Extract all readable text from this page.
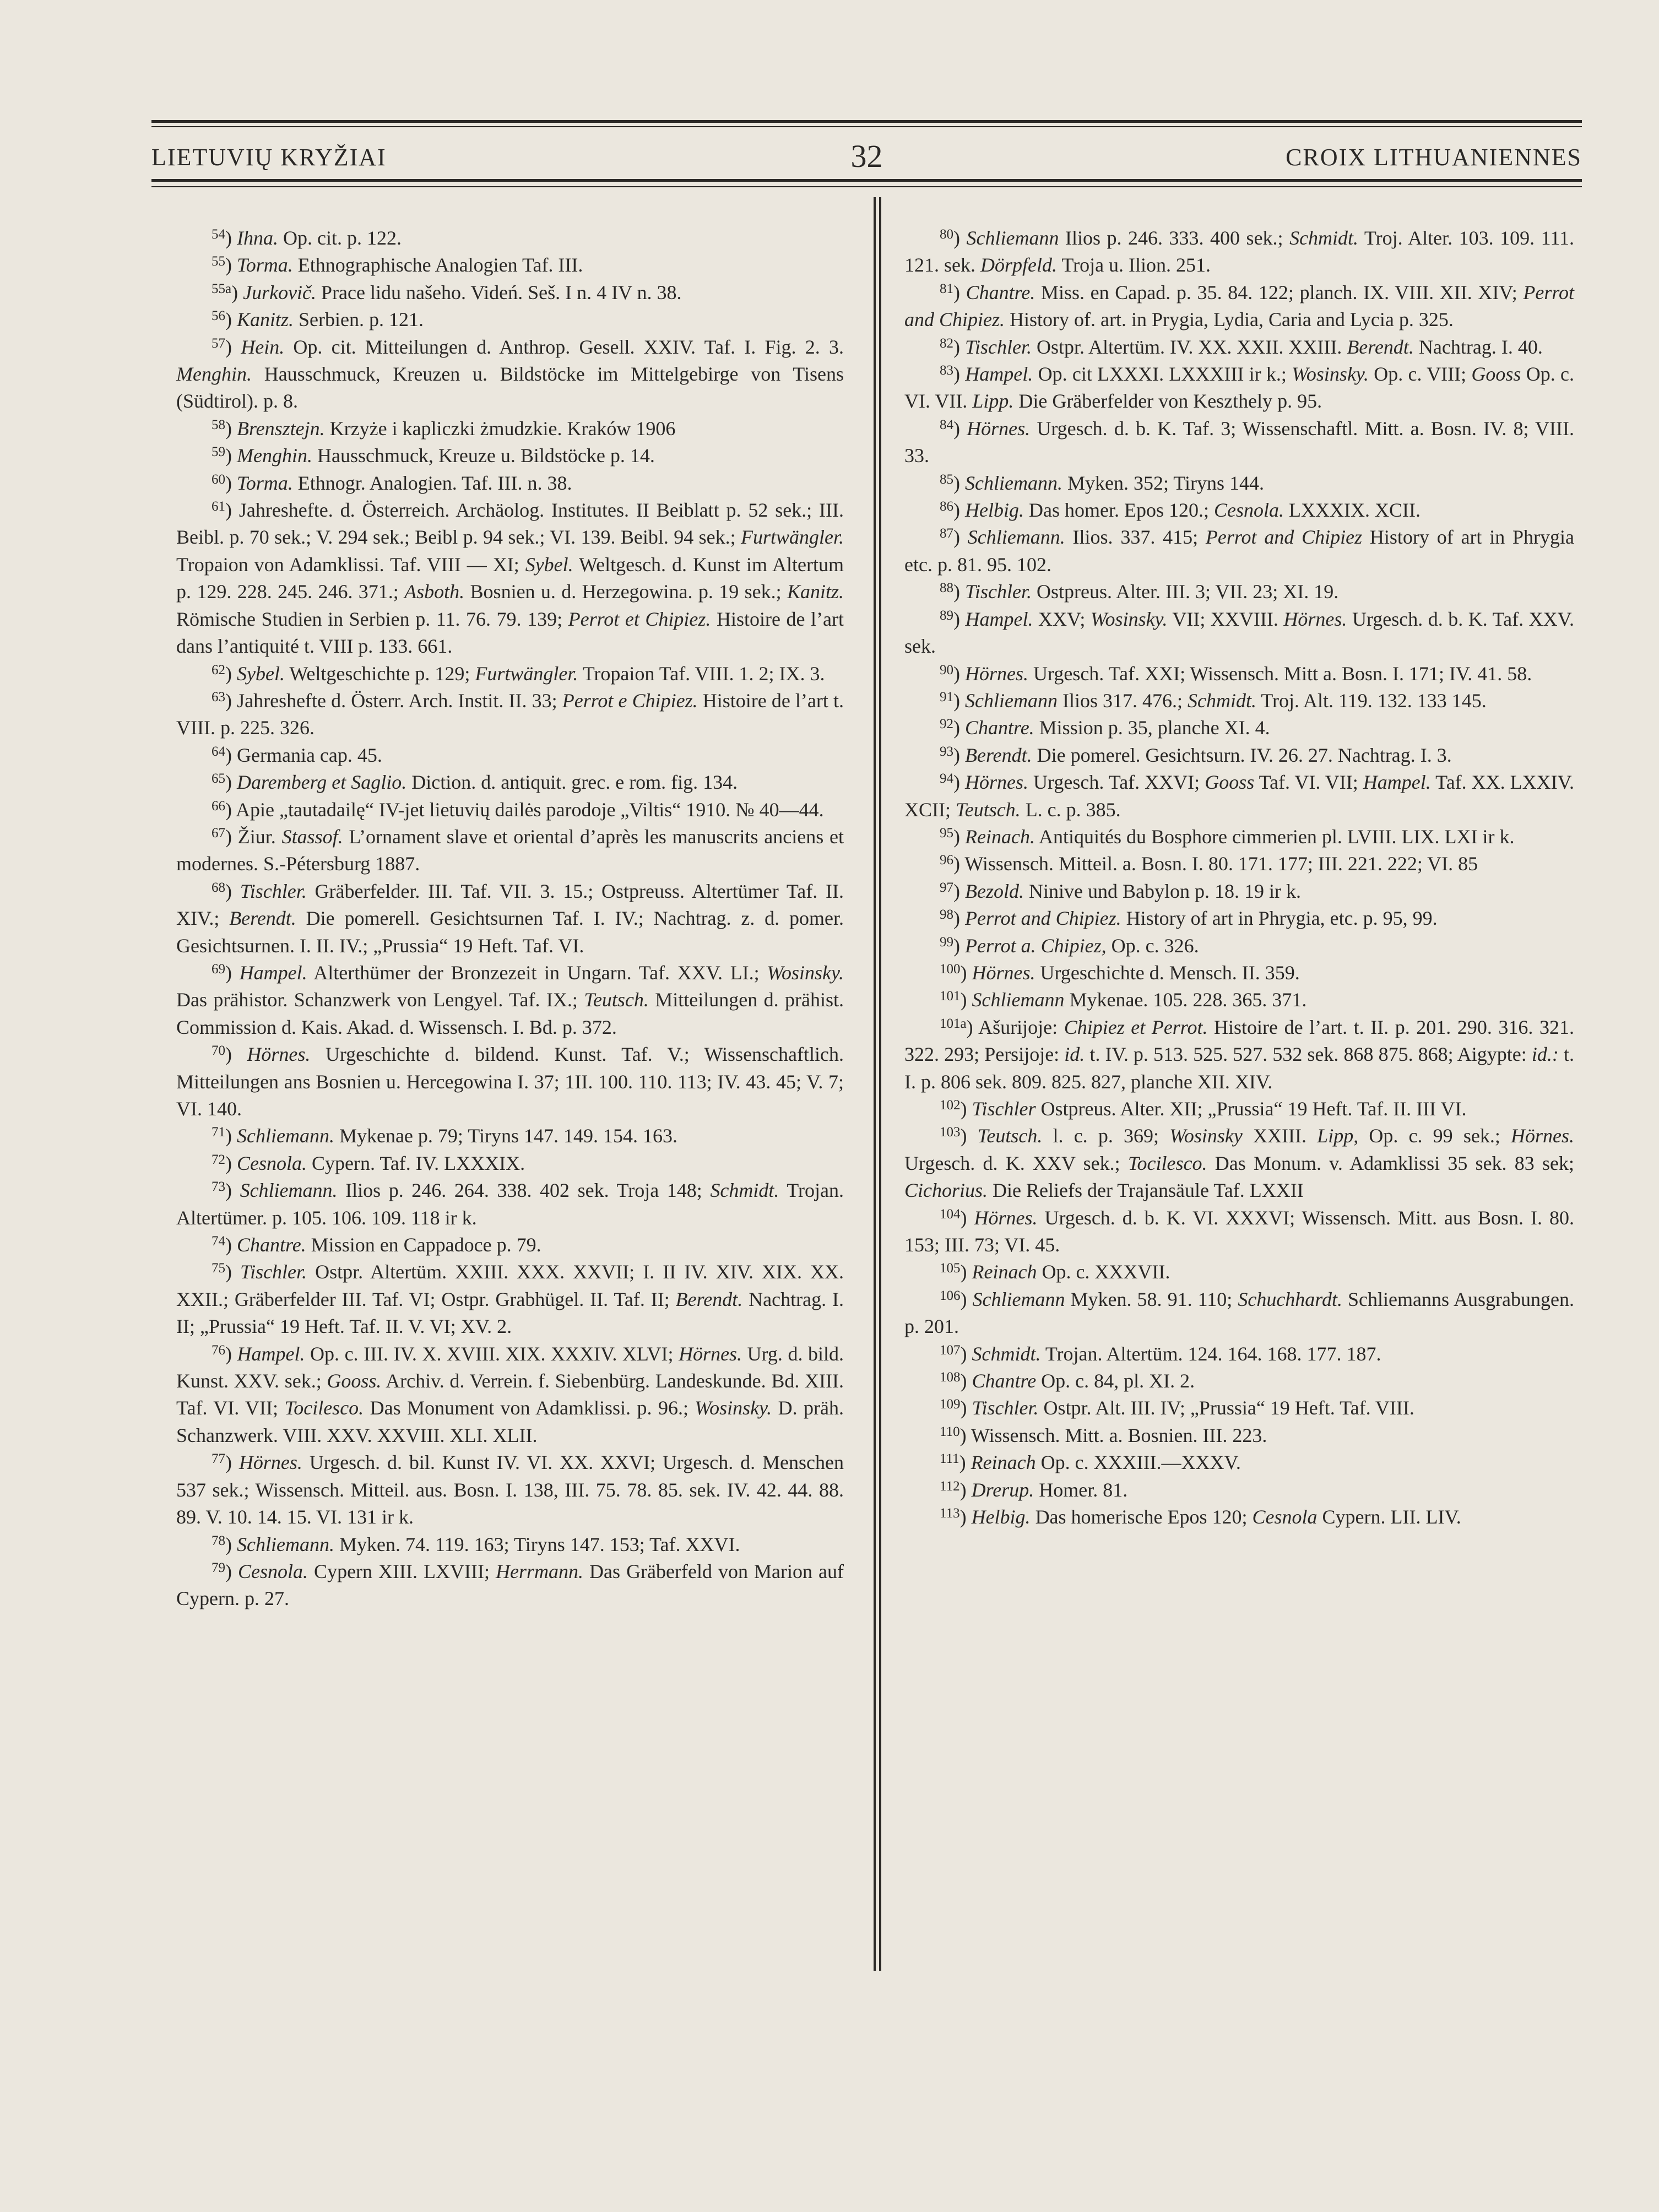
LIETUVIŲ KRYŽIAI	32	CROIX LITHUANIENNES
$^{54}$) Ihna. Op. cit. p. 122.
$^{55}$) Torma. Ethnographische Analogien Taf. III.
$^{55a}$) Jurkovič. Prace lidu našeho. Videń. Seš. I n. 4 IV n. 38.
$^{56}$) Kanitz. Serbien. p. 121.
$^{57}$) Hein. Op. cit. Mitteilungen d. Anthrop. Gesell. XXIV. Taf. I. Fig. 2. 3. Menghin. Hausschmuck, Kreuzen u. Bildstöcke im Mittelgebirge von Tisens (Südtirol). p. 8.
$^{58}$) Brensztejn. Krzyże i kapliczki żmudzkie. Kraków 1906
$^{59}$) Menghin. Hausschmuck, Kreuze u. Bildstöcke p. 14.
$^{60}$) Torma. Ethnogr. Analogien. Taf. III. n. 38.
$^{61}$) Jahreshefte. d. Österreich. Archäolog. Institutes. II Beiblatt p. 52 sek.; III. Beibl. p. 70 sek.; V. 294 sek.; Beibl p. 94 sek.; VI. 139. Beibl. 94 sek.; Furtwängler. Tropaion von Adamklissi. Taf. VIII — XI; Sybel. Weltgesch. d. Kunst im Altertum p. 129. 228. 245. 246. 371.; Asboth. Bosnien u. d. Herzegowina. p. 19 sek.; Kanitz. Römische Studien in Serbien p. 11. 76. 79. 139; Perrot et Chipiez. Histoire de l’art dans l’antiquité t. VIII p. 133. 661.
$^{62}$) Sybel. Weltgeschichte p. 129; Furtwängler. Tropaion Taf. VIII. 1. 2; IX. 3.
$^{63}$) Jahreshefte d. Österr. Arch. Instit. II. 33; Perrot e Chipiez. Histoire de l’art t. VIII. p. 225. 326.
$^{64}$) Germania cap. 45.
$^{65}$) Daremberg et Saglio. Diction. d. antiquit. grec. e rom. fig. 134.
$^{66}$) Apie „tautadailę“ IV-jet lietuvių dailės parodoje „Viltis“ 1910. № 40—44.
$^{67}$) Žiur. Stassof. L’ornament slave et oriental d’après les manuscrits anciens et modernes. S.-Pétersburg 1887.
$^{68}$) Tischler. Gräberfelder. III. Taf. VII. 3. 15.; Ostpreuss. Altertümer Taf. II. XIV.; Berendt. Die pomerell. Gesichtsurnen Taf. I. IV.; Nachtrag. z. d. pomer. Gesichtsurnen. I. II. IV.; „Prussia“ 19 Heft. Taf. VI.
$^{69}$) Hampel. Alterthümer der Bronzezeit in Ungarn. Taf. XXV. LI.; Wosinsky. Das prähistor. Schanzwerk von Lengyel. Taf. IX.; Teutsch. Mitteilungen d. prähist. Commission d. Kais. Akad. d. Wissensch. I. Bd. p. 372.
$^{70}$) Hörnes. Urgeschichte d. bildend. Kunst. Taf. V.; Wissenschaftlich. Mitteilungen ans Bosnien u. Hercegowina I. 37; 1II. 100. 110. 113; IV. 43. 45; V. 7; VI. 140.
$^{71}$) Schliemann. Mykenae p. 79; Tiryns 147. 149. 154. 163.
$^{72}$) Cesnola. Cypern. Taf. IV. LXXXIX.
$^{73}$) Schliemann. Ilios p. 246. 264. 338. 402 sek. Troja 148; Schmidt. Trojan. Altertümer. p. 105. 106. 109. 118 ir k.
$^{74}$) Chantre. Mission en Cappadoce p. 79.
$^{75}$) Tischler. Ostpr. Altertüm. XXIII. XXX. XXVII; I. II IV. XIV. XIX. XX. XXII.; Gräberfelder III. Taf. VI; Ostpr. Grabhügel. II. Taf. II; Berendt. Nachtrag. I. II; „Prussia“ 19 Heft. Taf. II. V. VI; XV. 2.
$^{76}$) Hampel. Op. c. III. IV. X. XVIII. XIX. XXXIV. XLVI; Hörnes. Urg. d. bild. Kunst. XXV. sek.; Gooss. Archiv. d. Verrein. f. Siebenbürg. Landeskunde. Bd. XIII. Taf. VI. VII; Tocilesco. Das Monument von Adamklissi. p. 96.; Wosinsky. D. präh. Schanzwerk. VIII. XXV. XXVIII. XLI. XLII.
$^{77}$) Hörnes. Urgesch. d. bil. Kunst IV. VI. XX. XXVI; Urgesch. d. Menschen 537 sek.; Wissensch. Mitteil. aus. Bosn. I. 138, III. 75. 78. 85. sek. IV. 42. 44. 88. 89. V. 10. 14. 15. VI. 131 ir k.
$^{78}$) Schliemann. Myken. 74. 119. 163; Tiryns 147. 153; Taf. XXVI.
$^{79}$) Cesnola. Cypern XIII. LXVIII; Herrmann. Das Gräberfeld von Marion auf Cypern. p. 27.
$^{80}$) Schliemann Ilios p. 246. 333. 400 sek.; Schmidt. Troj. Alter. 103. 109. 111. 121. sek. Dörpfeld. Troja u. Ilion. 251.
$^{81}$) Chantre. Miss. en Capad. p. 35. 84. 122; planch. IX. VIII. XII. XIV; Perrot and Chipiez. History of. art. in Prygia, Lydia, Caria and Lycia p. 325.
$^{82}$) Tischler. Ostpr. Altertüm. IV. XX. XXII. XXIII. Berendt. Nachtrag. I. 40.
$^{83}$) Hampel. Op. cit LXXXI. LXXXIII ir k.; Wosinsky. Op. c. VIII; Gooss Op. c. VI. VII. Lipp. Die Gräberfelder von Keszthely p. 95.
$^{84}$) Hörnes. Urgesch. d. b. K. Taf. 3; Wissenschaftl. Mitt. a. Bosn. IV. 8; VIII. 33.
$^{85}$) Schliemann. Myken. 352; Tiryns 144.
$^{86}$) Helbig. Das homer. Epos 120.; Cesnola. LXXXIX. XCII.
$^{87}$) Schliemann. Ilios. 337. 415; Perrot and Chipiez History of art in Phrygia etc. p. 81. 95. 102.
$^{88}$) Tischler. Ostpreus. Alter. III. 3; VII. 23; XI. 19.
$^{89}$) Hampel. XXV; Wosinsky. VII; XXVIII. Hörnes. Urgesch. d. b. K. Taf. XXV. sek.
$^{90}$) Hörnes. Urgesch. Taf. XXI; Wissensch. Mitt a. Bosn. I. 171; IV. 41. 58.
$^{91}$) Schliemann Ilios 317. 476.; Schmidt. Troj. Alt. 119. 132. 133 145.
$^{92}$) Chantre. Mission p. 35, planche XI. 4.
$^{93}$) Berendt. Die pomerel. Gesichtsurn. IV. 26. 27. Nachtrag. I. 3.
$^{94}$) Hörnes. Urgesch. Taf. XXVI; Gooss Taf. VI. VII; Hampel. Taf. XX. LXXIV. XCII; Teutsch. L. c. p. 385.
$^{95}$) Reinach. Antiquités du Bosphore cimmerien pl. LVIII. LIX. LXI ir k.
$^{96}$) Wissensch. Mitteil. a. Bosn. I. 80. 171. 177; III. 221. 222; VI. 85
$^{97}$) Bezold. Ninive und Babylon p. 18. 19 ir k.
$^{98}$) Perrot and Chipiez. History of art in Phrygia, etc. p. 95, 99.
$^{99}$) Perrot a. Chipiez, Op. c. 326.
$^{100}$) Hörnes. Urgeschichte d. Mensch. II. 359.
$^{101}$) Schliemann Mykenae. 105. 228. 365. 371.
$^{101a}$) Ašurijoje: Chipiez et Perrot. Histoire de l’art. t. II. p. 201. 290. 316. 321. 322. 293; Persijoje: id. t. IV. p. 513. 525. 527. 532 sek. 868 875. 868; Aigypte: id.: t. I. p. 806 sek. 809. 825. 827, planche XII. XIV.
$^{102}$) Tischler Ostpreus. Alter. XII; „Prussia“ 19 Heft. Taf. II. III VI.
$^{103}$) Teutsch. l. c. p. 369; Wosinsky XXIII. Lipp, Op. c. 99 sek.; Hörnes. Urgesch. d. K. XXV sek.; Tocilesco. Das Monum. v. Adamklissi 35 sek. 83 sek; Cichorius. Die Reliefs der Trajansäule Taf. LXXII
$^{104}$) Hörnes. Urgesch. d. b. K. VI. XXXVI; Wissensch. Mitt. aus Bosn. I. 80. 153; III. 73; VI. 45.
$^{105}$) Reinach Op. c. XXXVII.
$^{106}$) Schliemann Myken. 58. 91. 110; Schuchhardt. Schliemanns Ausgrabungen. p. 201.
$^{107}$) Schmidt. Trojan. Altertüm. 124. 164. 168. 177. 187.
$^{108}$) Chantre Op. c. 84, pl. XI. 2.
$^{109}$) Tischler. Ostpr. Alt. III. IV; „Prussia“ 19 Heft. Taf. VIII.
$^{110}$) Wissensch. Mitt. a. Bosnien. III. 223.
$^{111}$) Reinach Op. c. XXXIII.—XXXV.
$^{112}$) Drerup. Homer. 81.
$^{113}$) Helbig. Das homerische Epos 120; Cesnola Cypern. LII. LIV.
